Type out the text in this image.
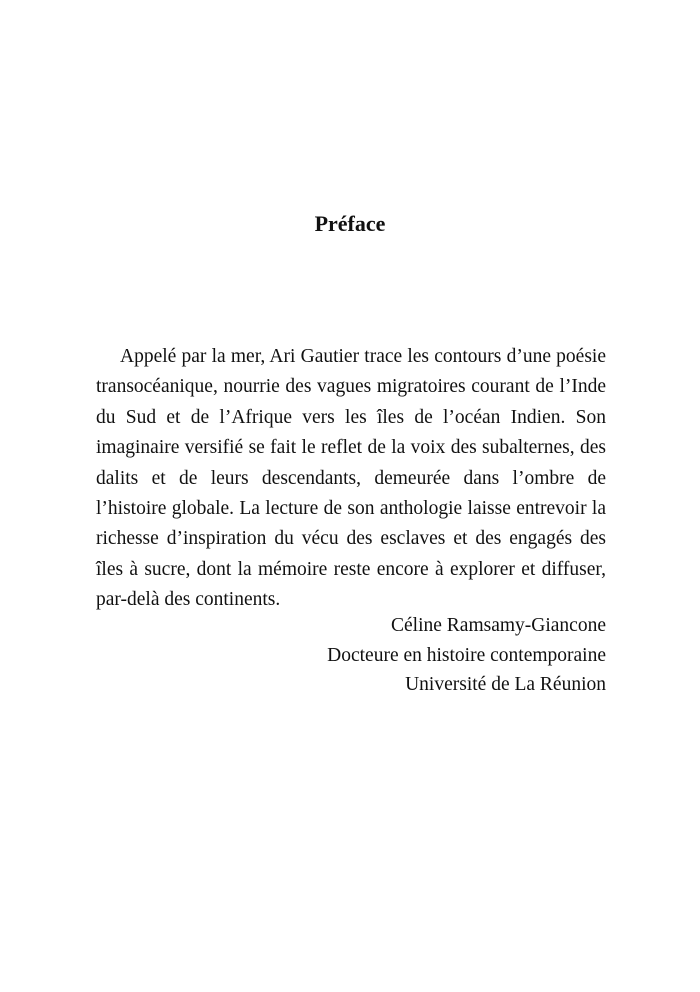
Préface

Appelé par la mer, Ari Gautier trace les contours d’une poésie transocéanique, nourrie des vagues migratoires courant de l’Inde du Sud et de l’Afrique vers les îles de l’océan Indien. Son imaginaire versifié se fait le reflet de la voix des subalternes, des dalits et de leurs descendants, demeurée dans l’ombre de l’histoire globale. La lecture de son anthologie laisse entrevoir la richesse d’inspiration du vécu des esclaves et des engagés des îles à sucre, dont la mémoire reste encore à explorer et diffuser, par-delà des continents.

Céline Ramsamy-Giancone
Docteure en histoire contemporaine
Université de La Réunion
